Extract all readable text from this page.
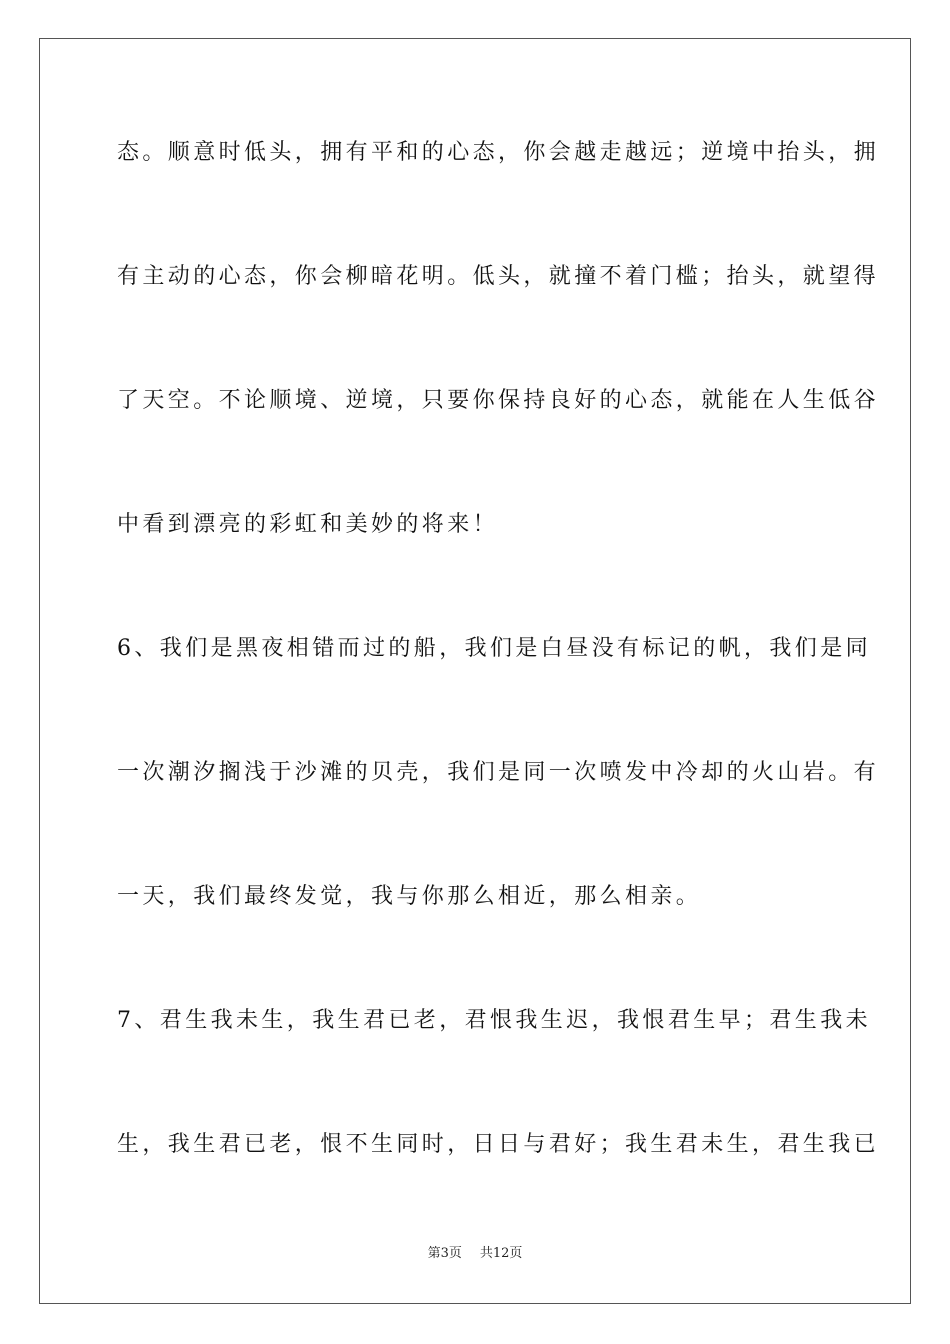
态。顺意时低头，拥有平和的心态，你会越走越远；逆境中抬头，拥
有主动的心态，你会柳暗花明。低头，就撞不着门槛；抬头，就望得
了天空。不论顺境、逆境，只要你保持良好的心态，就能在人生低谷
中看到漂亮的彩虹和美妙的将来！
6、我们是黑夜相错而过的船，我们是白昼没有标记的帆，我们是同
一次潮汐搁浅于沙滩的贝壳，我们是同一次喷发中冷却的火山岩。有
一天，我们最终发觉，我与你那么相近，那么相亲。
7、君生我未生，我生君已老，君恨我生迟，我恨君生早；君生我未
生，我生君已老，恨不生同时，日日与君好；我生君未生，君生我已
第3页 共12页
